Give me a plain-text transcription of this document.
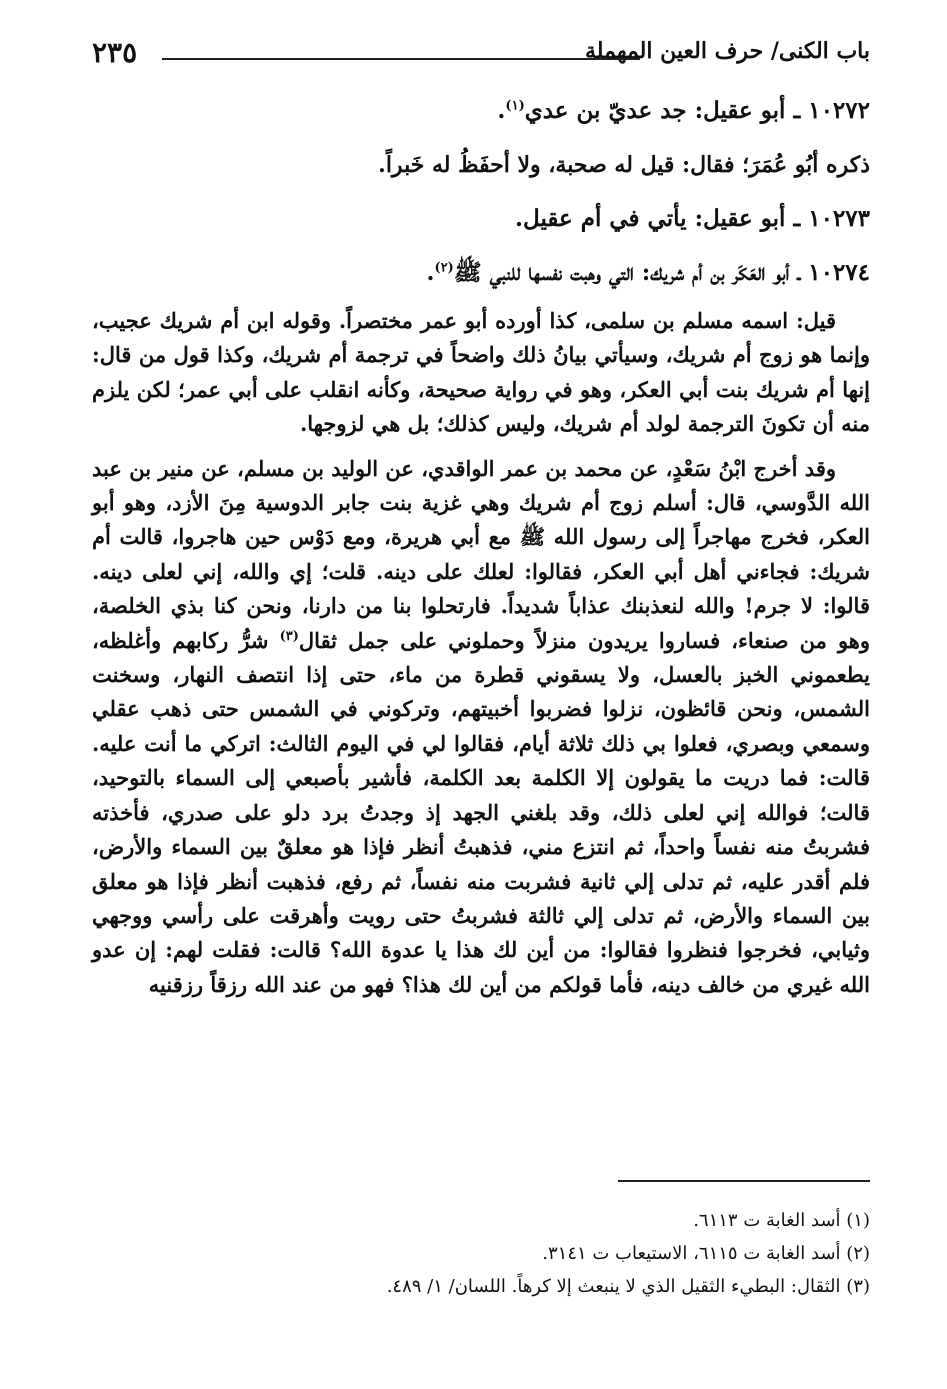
باب الكنى/ حرف العين المهملة
٢٣٥

١٠٢٧٢ ـ أبو عقيل: جد عديّ بن عدي$^{(١)}$.

ذكره أبُو عُمَرَ؛ فقال: قيل له صحبة، ولا أحفَظُ له خَبراً.

١٠٢٧٣ ـ أبو عقيل: يأتي في أم عقيل.

١٠٢٧٤ ـ أبو العَكَر بن أم شريك: التي وهبت نفسها للنبي ﷺ$^{(٢)}$.

قيل: اسمه مسلم بن سلمى، كذا أورده أبو عمر مختصراً. وقوله ابن أم شريك عجيب، وإنما هو زوج أم شريك، وسيأتي بيانُ ذلك واضحاً في ترجمة أم شريك، وكذا قول من قال: إنها أم شريك بنت أبي العكر، وهو في رواية صحيحة، وكأنه انقلب على أبي عمر؛ لكن يلزم منه أن تكونَ الترجمة لولد أم شريك، وليس كذلك؛ بل هي لزوجها.

وقد أخرج ابْنُ سَعْدٍ، عن محمد بن عمر الواقدي، عن الوليد بن مسلم، عن منير بن عبد الله الدَّوسي، قال: أسلم زوج أم شريك وهي غزية بنت جابر الدوسية مِنَ الأزد، وهو أبو العكر، فخرج مهاجراً إلى رسول الله ﷺ مع أبي هريرة، ومع دَوْس حين هاجروا، قالت أم شريك: فجاءني أهل أبي العكر، فقالوا: لعلك على دينه. قلت؛ إي والله، إني لعلى دينه. قالوا: لا جرم! والله لنعذبنك عذاباً شديداً. فارتحلوا بنا من دارنا، ونحن كنا بذي الخلصة، وهو من صنعاء، فساروا يريدون منزلاً وحملوني على جمل ثقال$^{(٣)}$ شرُّ ركابهم وأغلظه، يطعموني الخبز بالعسل، ولا يسقوني قطرة من ماء، حتى إذا انتصف النهار، وسخنت الشمس، ونحن قائظون، نزلوا فضربوا أخبيتهم، وتركوني في الشمس حتى ذهب عقلي وسمعي وبصري، فعلوا بي ذلك ثلاثة أيام، فقالوا لي في اليوم الثالث: اتركي ما أنت عليه. قالت: فما دريت ما يقولون إلا الكلمة بعد الكلمة، فأشير بأصبعي إلى السماء بالتوحيد، قالت؛ فوالله إني لعلى ذلك، وقد بلغني الجهد إذ وجدتُ برد دلو على صدري، فأخذته فشربتُ منه نفساً واحداً، ثم انتزع مني، فذهبتُ أنظر فإذا هو معلقٌ بين السماء والأرض، فلم أقدر عليه، ثم تدلى إلي ثانية فشربت منه نفساً، ثم رفع، فذهبت أنظر فإذا هو معلق بين السماء والأرض، ثم تدلى إلي ثالثة فشربتُ حتى رويت وأهرقت على رأسي ووجهي وثيابي، فخرجوا فنظروا فقالوا: من أين لك هذا يا عدوة الله؟ قالت: فقلت لهم: إن عدو الله غيري من خالف دينه، فأما قولكم من أين لك هذا؟ فهو من عند الله رزقاً رزقنيه

(١) أسد الغابة ت ٦١١٣.

(٢) أسد الغابة ت ٦١١٥، الاستيعاب ت ٣١٤١.

(٣) الثقال: البطيء الثقيل الذي لا ينبعث إلا كرهاً. اللسان/ ١/ ٤٨٩.
